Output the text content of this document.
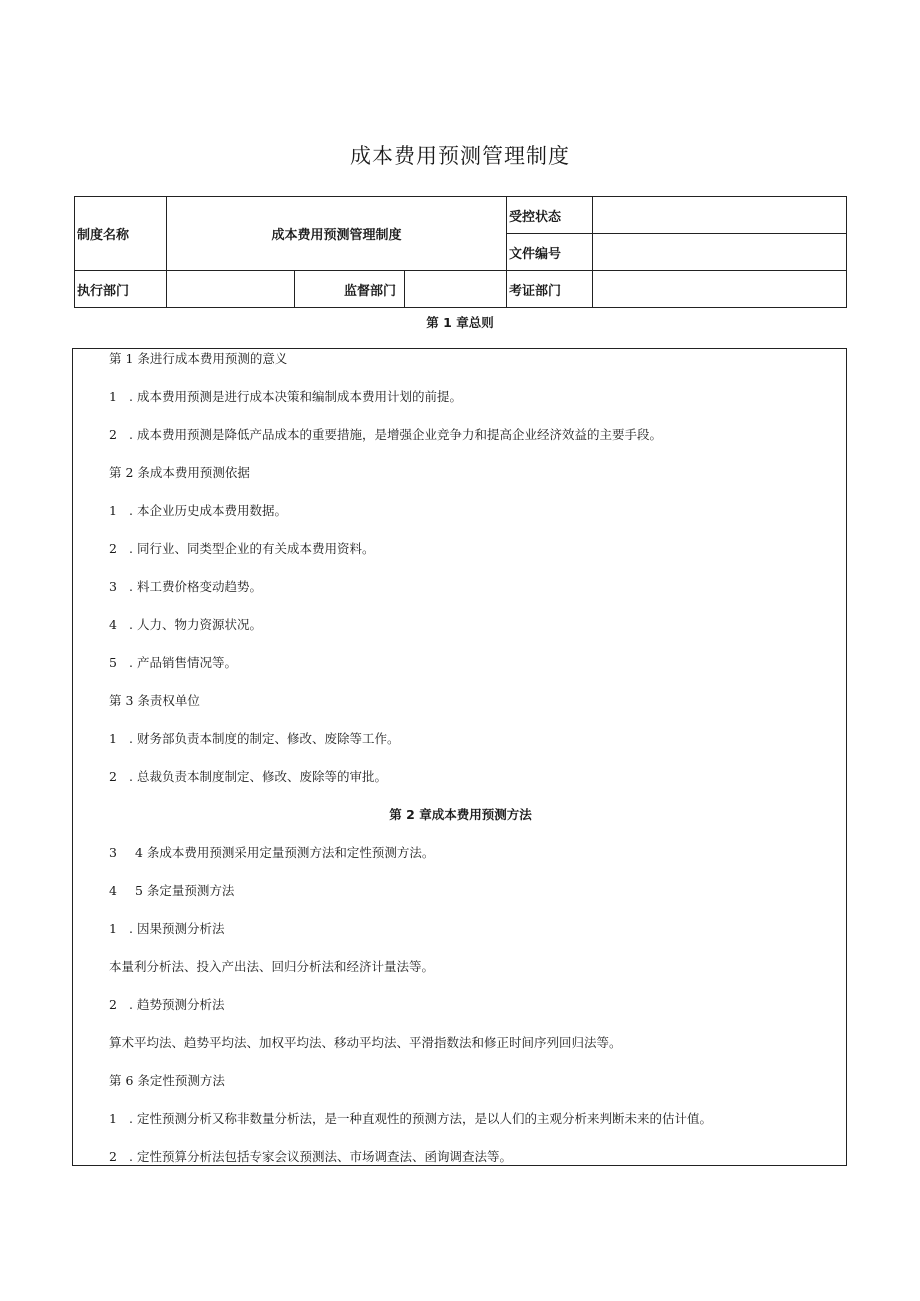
成本费用预测管理制度
制度名称	成本费用预测管理制度			受控状态	
				文件编号	
执行部门		监督部门		考证部门	
第 1 章总则
第 1 条进行成本费用预测的意义
1 . 成本费用预测是进行成本决策和编制成本费用计划的前提。
2 . 成本费用预测是降低产品成本的重要措施，是增强企业竞争力和提高企业经济效益的主要手段。
第 2 条成本费用预测依据
1 . 本企业历史成本费用数据。
2 . 同行业、同类型企业的有关成本费用资料。
3 . 料工费价格变动趋势。
4 . 人力、物力资源状况。
5 . 产品销售情况等。
第 3 条责权单位
1 . 财务部负责本制度的制定、修改、废除等工作。
2 . 总裁负责本制度制定、修改、废除等的审批。
第 2 章成本费用预测方法
3 4 条成本费用预测采用定量预测方法和定性预测方法。
4 5 条定量预测方法
1 . 因果预测分析法
本量利分析法、投入产出法、回归分析法和经济计量法等。
2 . 趋势预测分析法
算术平均法、趋势平均法、加权平均法、移动平均法、平滑指数法和修正时间序列回归法等。
第 6 条定性预测方法
1 . 定性预测分析又称非数量分析法，是一种直观性的预测方法，是以人们的主观分析来判断未来的估计值。
2 . 定性预算分析法包括专家会议预测法、市场调查法、函询调查法等。
